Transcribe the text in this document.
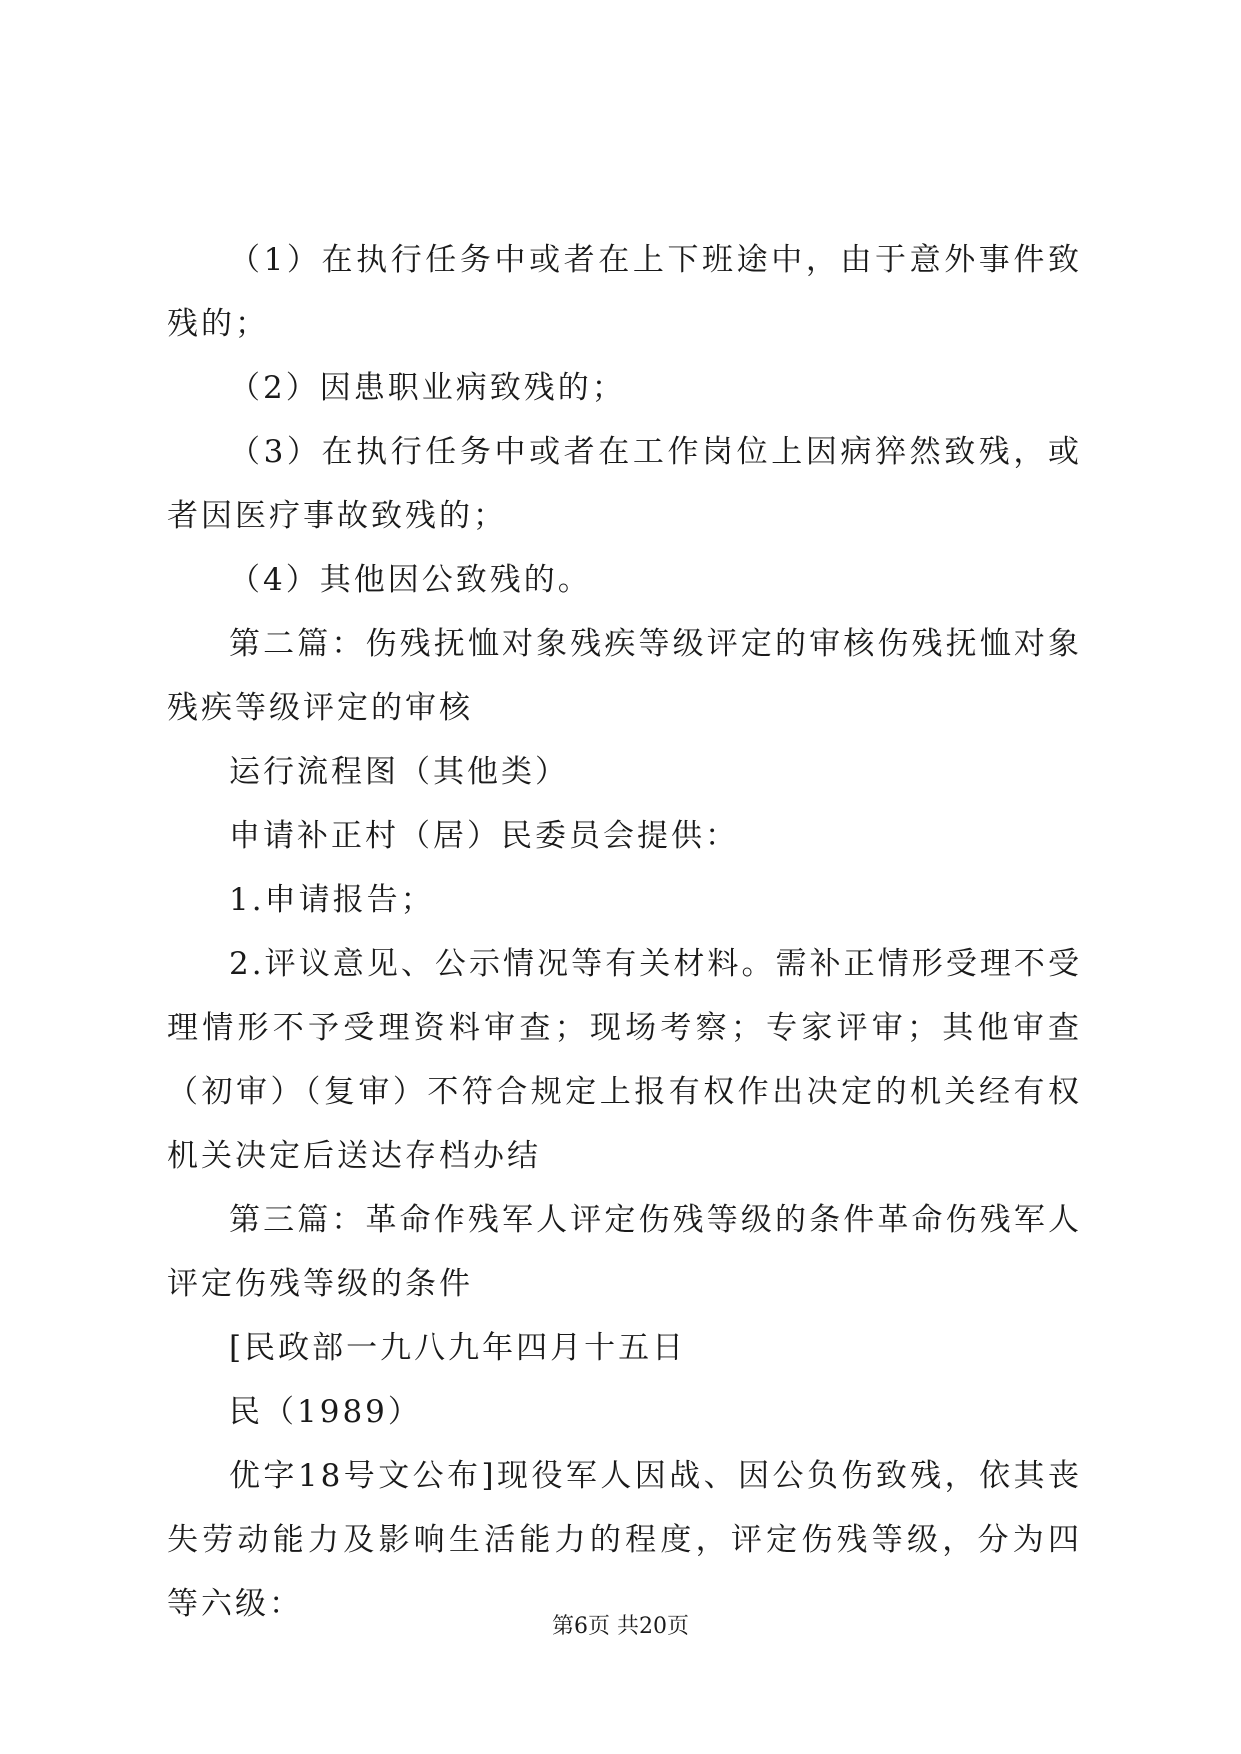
（1）在执行任务中或者在上下班途中，由于意外事件致残的；

（2）因患职业病致残的；

（3）在执行任务中或者在工作岗位上因病猝然致残，或者因医疗事故致残的；

（4）其他因公致残的。

第二篇：伤残抚恤对象残疾等级评定的审核伤残抚恤对象残疾等级评定的审核

运行流程图（其他类）

申请补正村（居）民委员会提供：

1.申请报告；

2.评议意见、公示情况等有关材料。需补正情形受理不受理情形不予受理资料审查；现场考察；专家评审；其他审查（初审）（复审）不符合规定上报有权作出决定的机关经有权机关决定后送达存档办结

第三篇：革命作残军人评定伤残等级的条件革命伤残军人评定伤残等级的条件

[民政部一九八九年四月十五日

民（1989）

优字18号文公布]现役军人因战、因公负伤致残，依其丧失劳动能力及影响生活能力的程度，评定伤残等级，分为四等六级：

第6页 共20页
